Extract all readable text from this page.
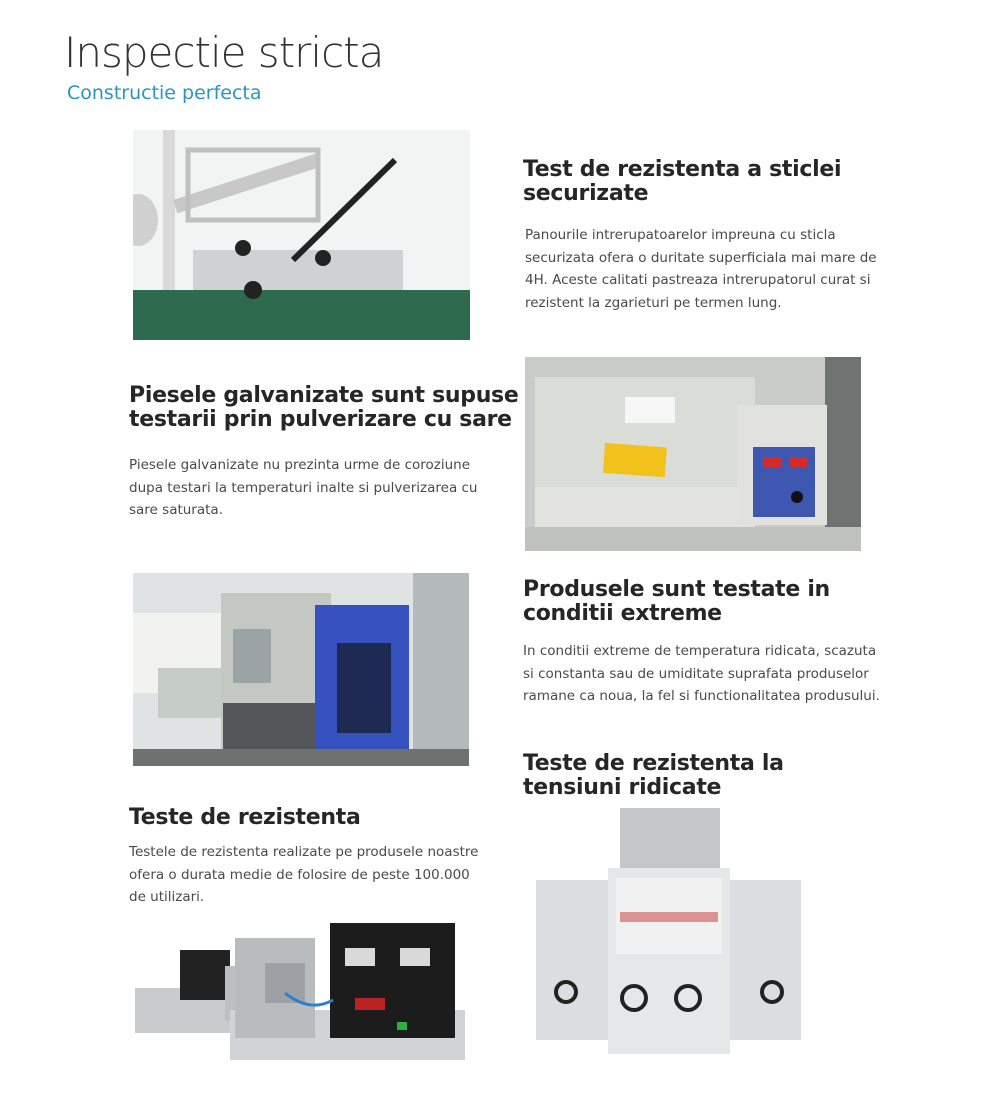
Inspectie stricta
Constructie perfecta
Test de rezistenta a sticlei
securizate

Panourile intrerupatoarelor impreuna cu sticla
securizata ofera o duritate superficiala mai mare de
4H. Aceste calitati pastreaza intrerupatorul curat si
rezistent la zgarieturi pe termen lung.

Piesele galvanizate sunt supuse
testarii prin pulverizare cu sare

Piesele galvanizate nu prezinta urme de coroziune
dupa testari la temperaturi inalte si pulverizarea cu
sare saturata.

Produsele sunt testate in
conditii extreme

In conditii extreme de temperatura ridicata, scazuta
si constanta sau de umiditate suprafata produselor
ramane ca noua, la fel si functionalitatea produsului.

Teste de rezistenta la
tensiuni ridicate
Teste de rezistenta

Testele de rezistenta realizate pe produsele noastre
ofera o durata medie de folosire de peste 100.000
de utilizari.
